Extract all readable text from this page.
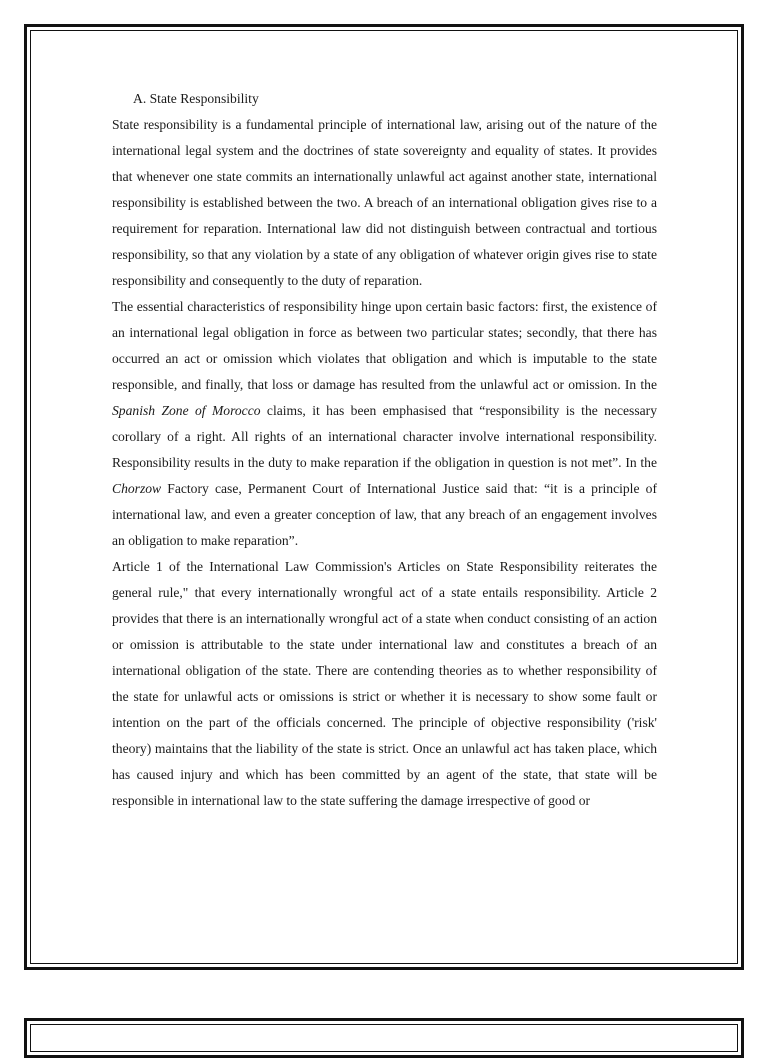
A. State Responsibility

State responsibility is a fundamental principle of international law, arising out of the nature of the international legal system and the doctrines of state sovereignty and equality of states. It provides that whenever one state commits an internationally unlawful act against another state, international responsibility is established between the two. A breach of an international obligation gives rise to a requirement for reparation. International law did not distinguish between contractual and tortious responsibility, so that any violation by a state of any obligation of whatever origin gives rise to state responsibility and consequently to the duty of reparation.

The essential characteristics of responsibility hinge upon certain basic factors: first, the existence of an international legal obligation in force as between two particular states; secondly, that there has occurred an act or omission which violates that obligation and which is imputable to the state responsible, and finally, that loss or damage has resulted from the unlawful act or omission. In the Spanish Zone of Morocco claims, it has been emphasised that “responsibility is the necessary corollary of a right. All rights of an international character involve international responsibility. Responsibility results in the duty to make reparation if the obligation in question is not met”. In the Chorzow Factory case, Permanent Court of International Justice said that: “it is a principle of international law, and even a greater conception of law, that any breach of an engagement involves an obligation to make reparation”.

Article 1 of the International Law Commission's Articles on State Responsibility reiterates the general rule," that every internationally wrongful act of a state entails responsibility. Article 2 provides that there is an internationally wrongful act of a state when conduct consisting of an action or omission is attributable to the state under international law and constitutes a breach of an international obligation of the state. There are contending theories as to whether responsibility of the state for unlawful acts or omissions is strict or whether it is necessary to show some fault or intention on the part of the officials concerned. The principle of objective responsibility ('risk' theory) maintains that the liability of the state is strict. Once an unlawful act has taken place, which has caused injury and which has been committed by an agent of the state, that state will be responsible in international law to the state suffering the damage irrespective of good or
